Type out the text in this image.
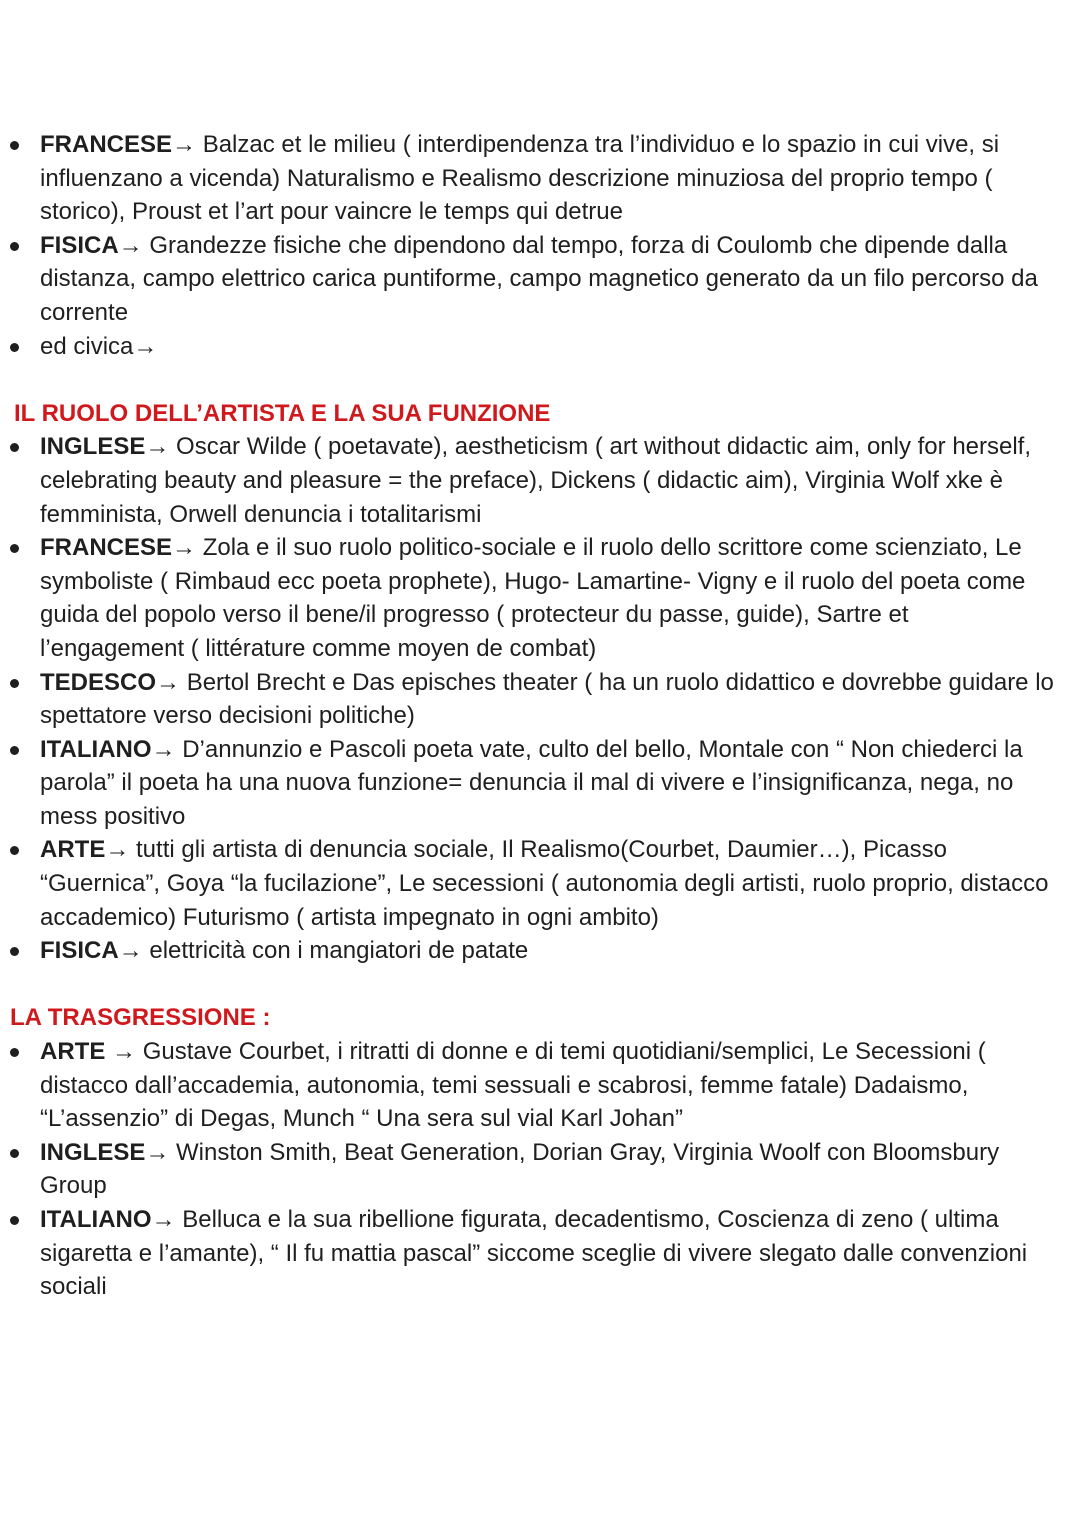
FRANCESE→ Balzac et le milieu ( interdipendenza tra l’individuo e lo spazio in cui vive, si influenzano a vicenda) Naturalismo e Realismo descrizione minuziosa del proprio tempo ( storico), Proust et l’art pour vaincre le temps qui detrue
FISICA→ Grandezze fisiche che dipendono dal tempo, forza di Coulomb che dipende dalla distanza, campo elettrico carica puntiforme, campo magnetico generato da un filo percorso da corrente
ed civica→
IL RUOLO DELL’ARTISTA E LA SUA FUNZIONE
INGLESE→ Oscar Wilde ( poetavate), aestheticism ( art without didactic aim, only for herself, celebrating beauty and pleasure = the preface), Dickens ( didactic aim), Virginia Wolf xke è femminista, Orwell denuncia i totalitarismi
FRANCESE→ Zola e il suo ruolo politico-sociale e il ruolo dello scrittore come scienziato, Le symboliste ( Rimbaud ecc poeta prophete), Hugo- Lamartine- Vigny e il ruolo del poeta come guida del popolo verso il bene/il progresso ( protecteur du passe, guide), Sartre et l’engagement ( littérature comme moyen de combat)
TEDESCO→ Bertol Brecht e Das episches theater ( ha un ruolo didattico e dovrebbe guidare lo spettatore verso decisioni politiche)
ITALIANO→ D’annunzio e Pascoli poeta vate, culto del bello, Montale con “ Non chiederci la parola” il poeta ha una nuova funzione= denuncia il mal di vivere e l’insignificanza, nega, no mess positivo
ARTE→ tutti gli artista di denuncia sociale, Il Realismo(Courbet, Daumier…), Picasso “Guernica”, Goya “la fucilazione”, Le secessioni ( autonomia degli artisti, ruolo proprio, distacco accademico) Futurismo ( artista impegnato in ogni ambito)
FISICA→ elettricità con i mangiatori de patate
LA TRASGRESSIONE :
ARTE → Gustave Courbet, i ritratti di donne e di temi quotidiani/semplici, Le Secessioni ( distacco dall’accademia, autonomia, temi sessuali e scabrosi, femme fatale) Dadaismo, “L’assenzio” di Degas, Munch “ Una sera sul vial Karl Johan”
INGLESE→ Winston Smith, Beat Generation, Dorian Gray, Virginia Woolf con Bloomsbury Group
ITALIANO→ Belluca e la sua ribellione figurata, decadentismo, Coscienza di zeno ( ultima sigaretta e l’amante), “ Il fu mattia pascal” siccome sceglie di vivere slegato dalle convenzioni sociali
